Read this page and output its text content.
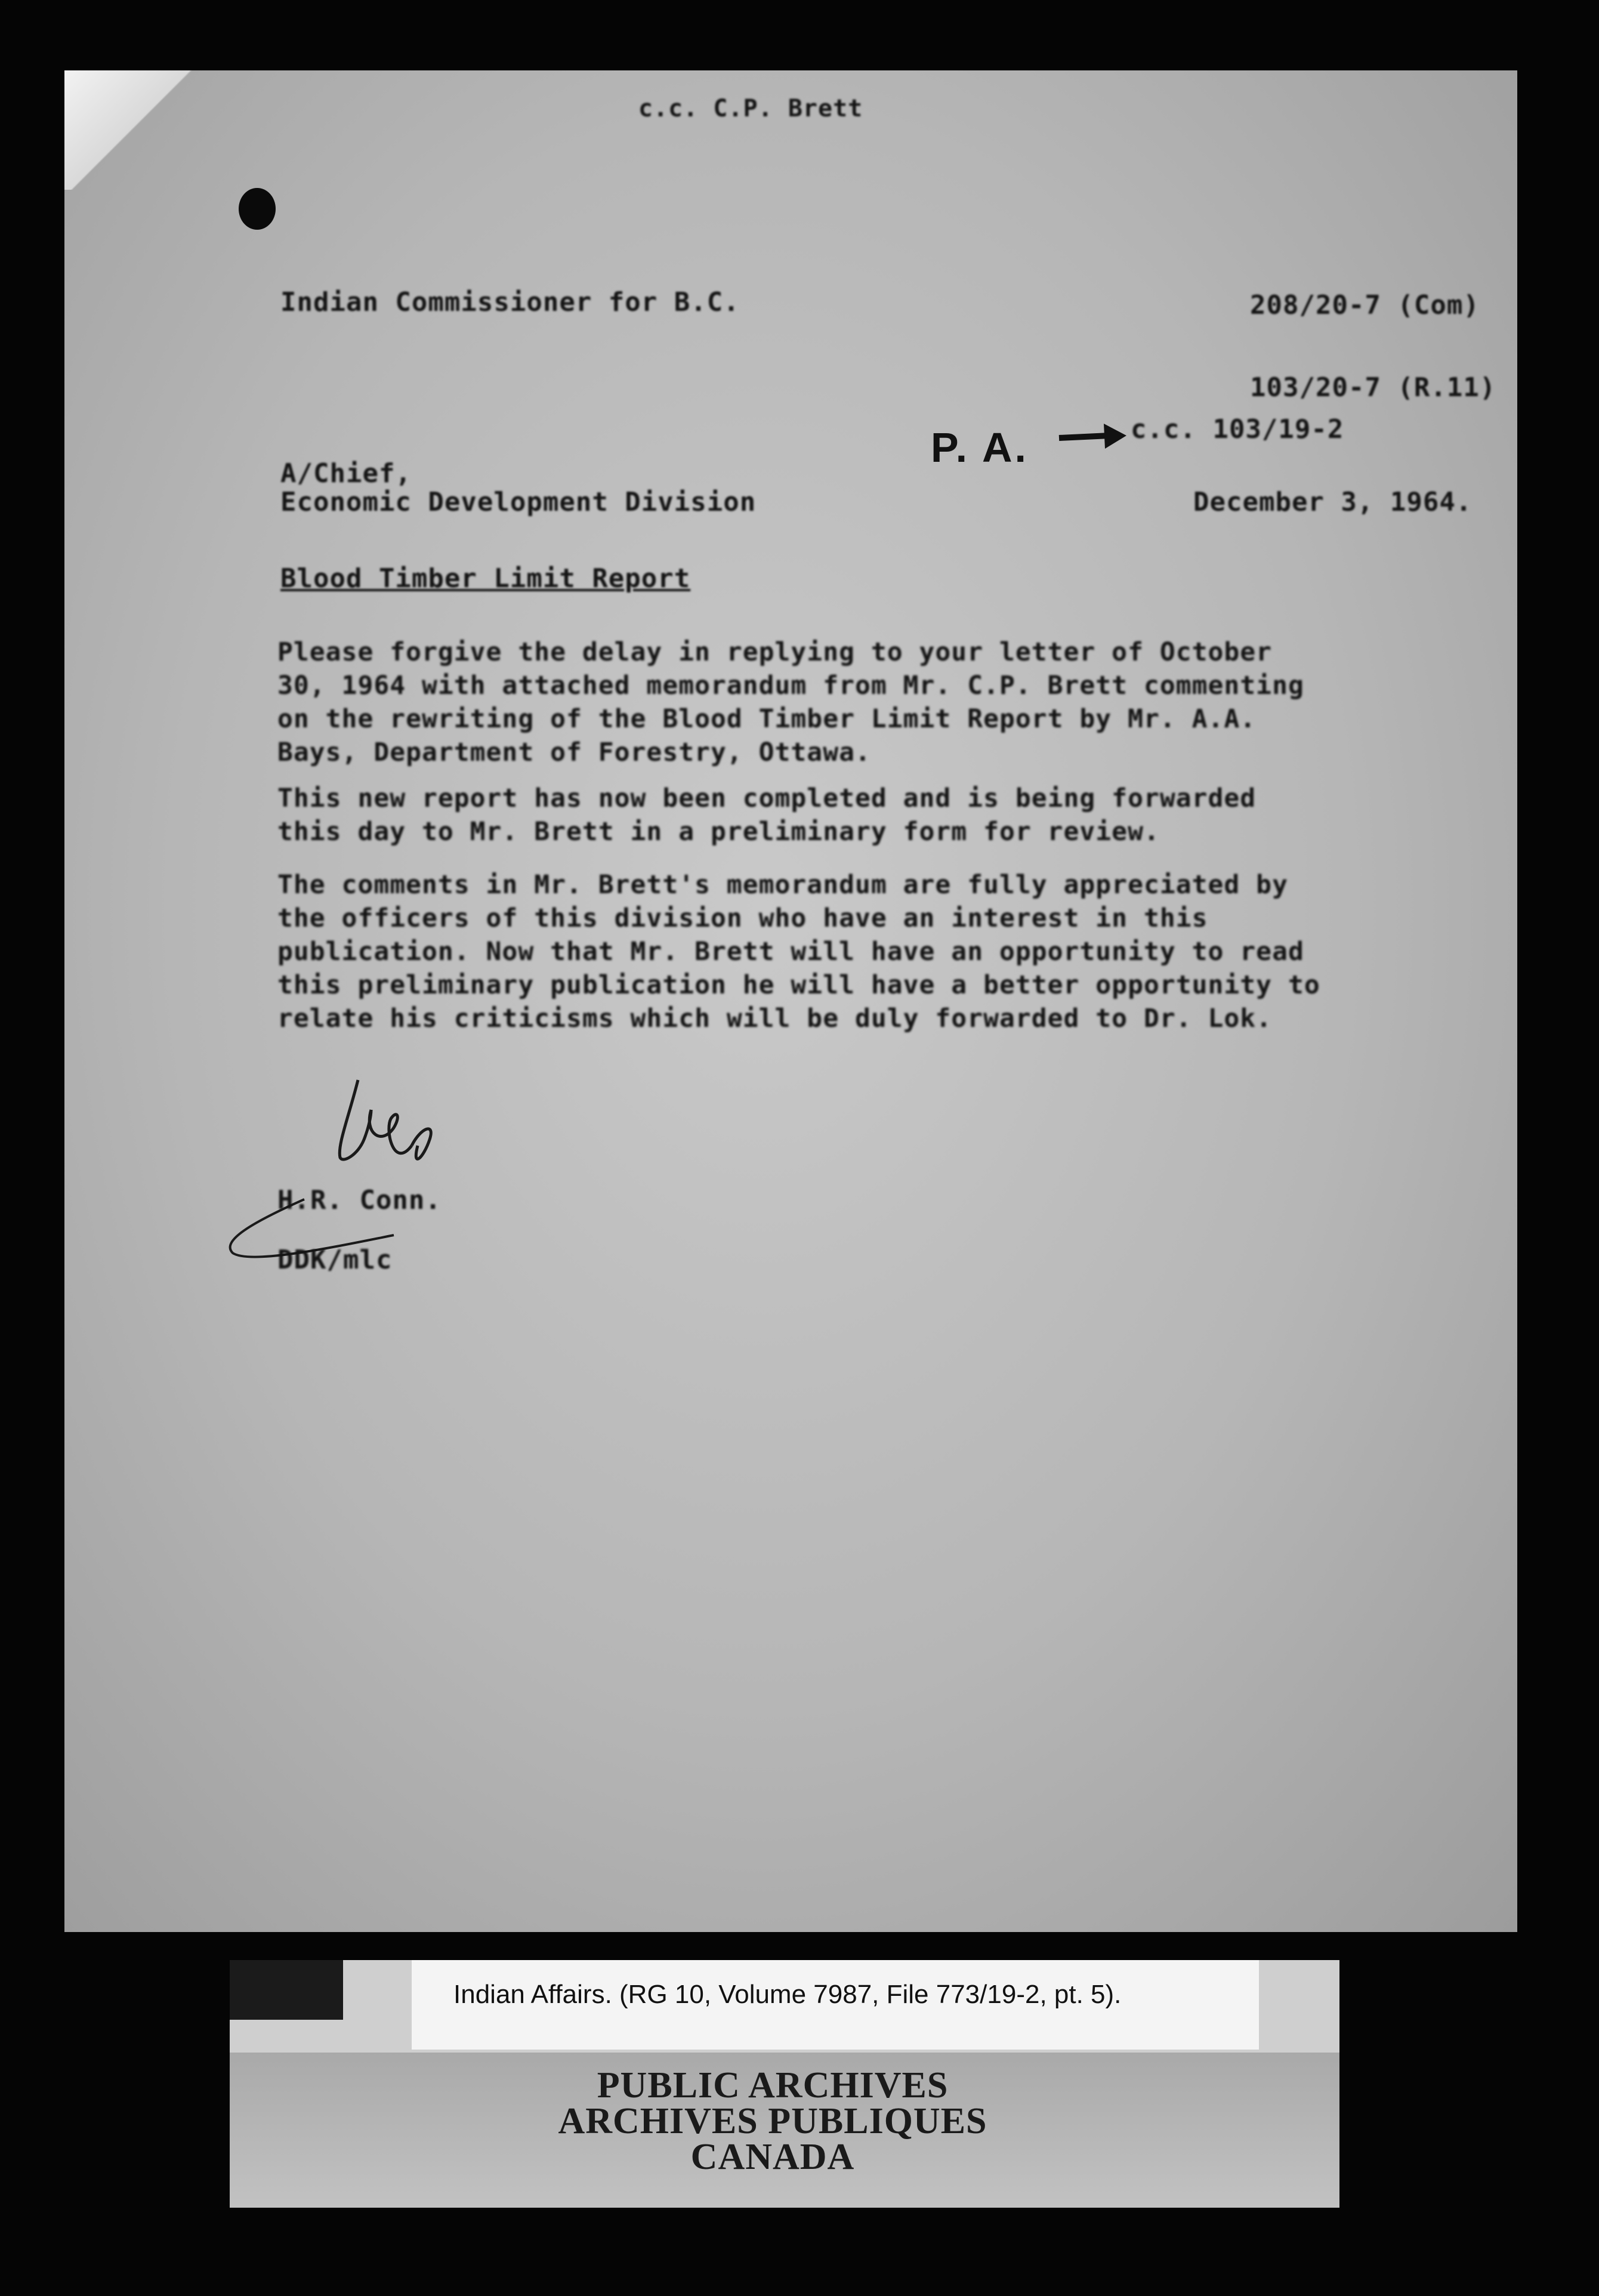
c.c. C.P. Brett
Indian Commissioner for B.C.	208/20-7 (Com)
103/20-7 (R.11)
P. A.	c.c. 103/19-2
A/Chief,
Economic Development Division	December 3, 1964.
Blood Timber Limit Report
Please forgive the delay in replying to your letter of October 30, 1964 with attached memorandum from Mr. C.P. Brett commenting on the rewriting of the Blood Timber Limit Report by Mr. A.A. Bays, Department of Forestry, Ottawa.
This new report has now been completed and is being forwarded this day to Mr. Brett in a preliminary form for review.
The comments in Mr. Brett's memorandum are fully appreciated by the officers of this division who have an interest in this publication. Now that Mr. Brett will have an opportunity to read this preliminary publication he will have a better opportunity to relate his criticisms which will be duly forwarded to Dr. Lok.
H.R. Conn.
DDK/mlc
Indian Affairs. (RG 10, Volume 7987, File 773/19-2, pt. 5).
PUBLIC ARCHIVES
ARCHIVES PUBLIQUES
CANADA
